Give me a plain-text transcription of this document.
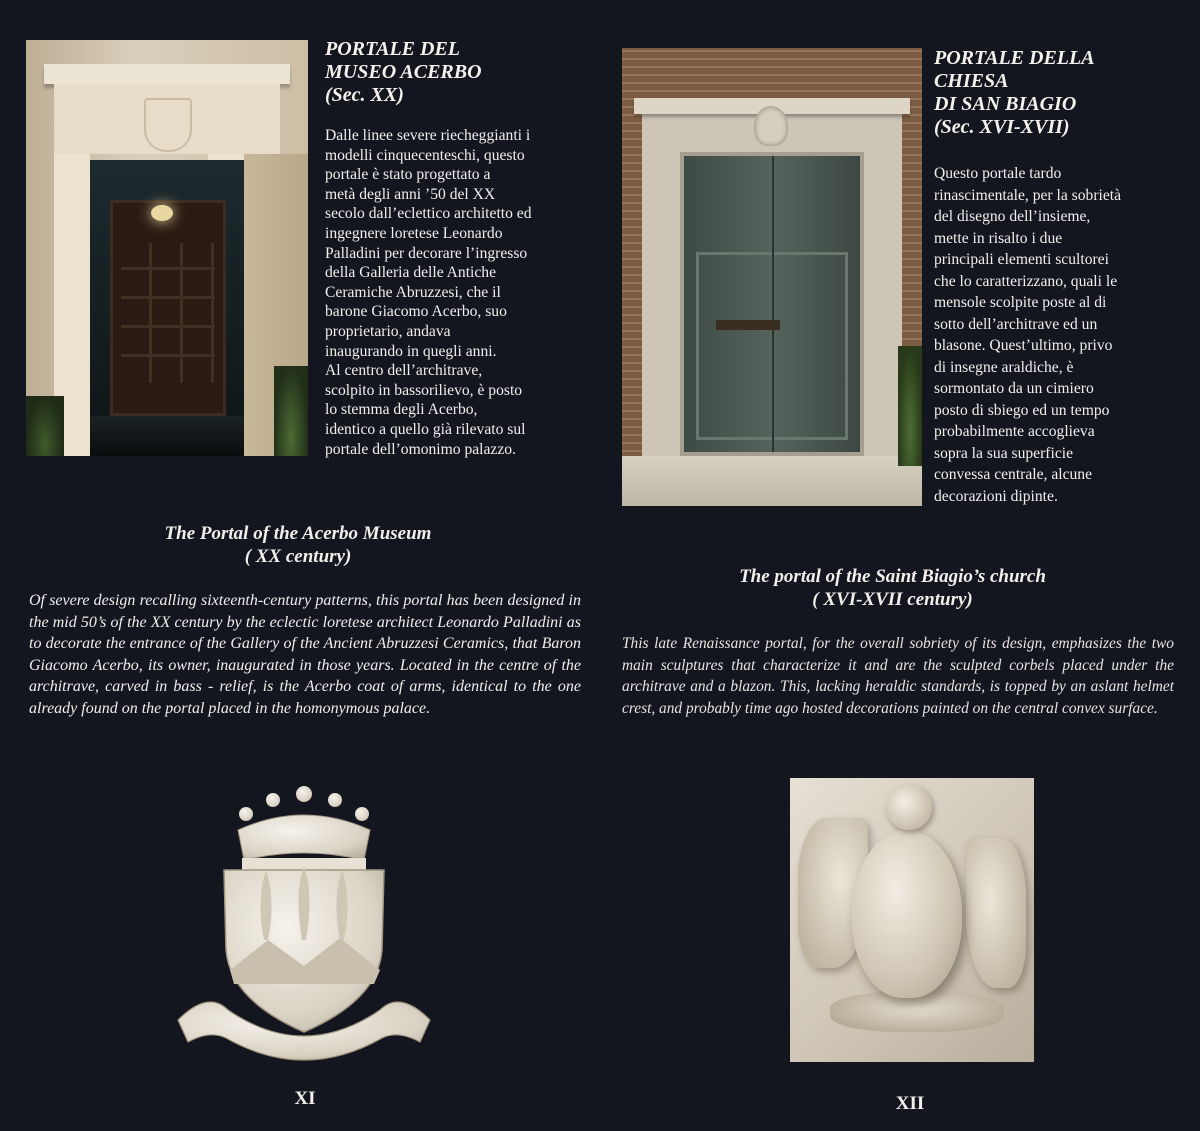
PORTALE DEL
MUSEO ACERBO
(Sec. XX)
Dalle linee severe riecheggianti i
modelli cinquecenteschi, questo
portale è stato progettato a
metà degli anni ’50 del XX
secolo dall’eclettico architetto ed
ingegnere loretese Leonardo
Palladini per decorare l’ingresso
della Galleria delle Antiche
Ceramiche Abruzzesi, che il
barone Giacomo Acerbo, suo
proprietario, andava
inaugurando in quegli anni.
Al centro dell’architrave,
scolpito in bassorilievo, è posto
lo stemma degli Acerbo,
identico a quello già rilevato sul
portale dell’omonimo palazzo.
The Portal of the Acerbo Museum
( XX century)
Of severe design recalling sixteenth-century patterns, this portal has been designed in the mid 50’s of the XX century by the eclectic loretese architect Leonardo Palladini as to decorate the entrance of the Gallery of the Ancient Abruzzesi Ceramics, that Baron Giacomo Acerbo, its owner, inaugurated in those years. Located in the centre of the architrave, carved in bass - relief, is the Acerbo coat of arms, identical to the one already found on the portal placed in the homonymous palace.
XI
PORTALE DELLA
CHIESA
DI SAN BIAGIO
(Sec. XVI-XVII)
Questo portale tardo
rinascimentale, per la sobrietà
del disegno dell’insieme,
mette in risalto i due
principali elementi scultorei
che lo caratterizzano, quali le
mensole scolpite poste al di
sotto dell’architrave ed un
blasone. Quest’ultimo, privo
di insegne araldiche, è
sormontato da un cimiero
posto di sbiego ed un tempo
probabilmente accoglieva
sopra la sua superficie
convessa centrale, alcune
decorazioni dipinte.
The portal of the Saint Biagio’s church
( XVI-XVII century)
This late Renaissance portal, for the overall sobriety of its design, emphasizes the two main sculptures that characterize it and are the sculpted corbels placed under the architrave and a blazon. This, lacking heraldic standards, is topped by an aslant helmet crest, and probably time ago hosted decorations painted on the central convex surface.
XII
